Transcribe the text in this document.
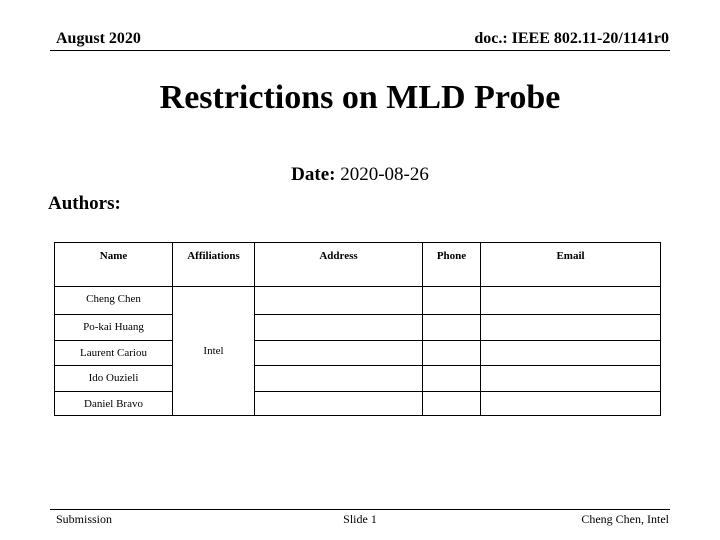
August 2020	doc.: IEEE 802.11-20/1141r0
Restrictions on MLD Probe
Date: 2020-08-26
Authors:
Name	Affiliations	Address	Phone	Email
Cheng Chen	Intel			
Po-kai Huang				
Laurent Cariou				
Ido Ouzieli				
Daniel Bravo				
Submission	Slide 1	Cheng Chen, Intel
